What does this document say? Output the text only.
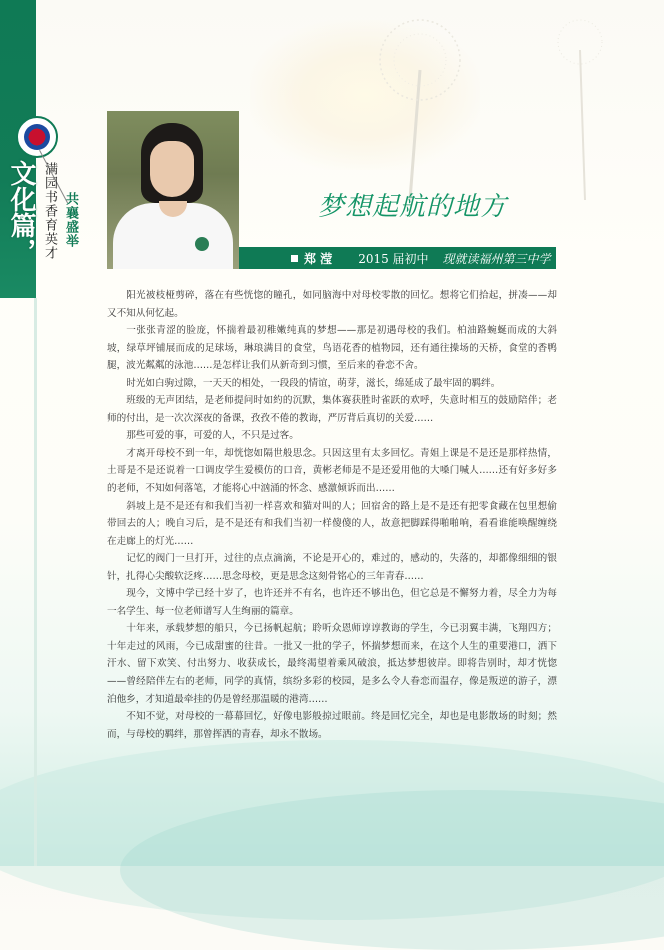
文化篇， 满园书香育英才 共襄盛举	梦想起航的地方
郑 滢 2015 届初中 现就读福州第三中学

阳光被枝桠剪碎，落在有些恍惚的瞳孔，如同脑海中对母校零散的回忆。想将它们拾起，拼凑——却又不知从何忆起。

一张张青涩的脸庞，怀揣着最初稚嫩纯真的梦想——那是初遇母校的我们。柏油路蜿蜒而成的大斜坡，绿草坪铺展而成的足球场，琳琅满目的食堂，鸟语花香的植物园，还有通往操场的天桥，食堂的香鸭腿，波光粼粼的泳池……是怎样让我们从新奇到习惯，至后来的眷恋不舍。

时光如白驹过隙，一天天的相处，一段段的情谊，萌芽，滋长，绵延成了最牢固的羁绊。

班级的无声团结，是老师提问时如約的沉默，集体赛获胜时雀跃的欢呼，失意时相互的鼓励陪伴；老师的付出，是一次次深夜的备课，孜孜不倦的教诲，严厉背后真切的关爱……

那些可爱的事，可爱的人，不只是过客。

才离开母校不到一年，却恍惚如隔世般思念。只因这里有太多回忆。青姐上课是不是还是那样热情，土哥是不是还说着一口调皮学生爱模仿的口音，黄彬老师是不是还爱用他的大嗓门喊人……还有好多好多的老师，不知如何落笔，才能将心中汹涌的怀念、感激倾诉而出……

斜坡上是不是还有和我们当初一样喜欢和猫对叫的人；回宿舍的路上是不是还有把零食藏在包里想偷带回去的人；晚自习后，是不是还有和我们当初一样傻傻的人，故意把脚踩得啪啪响，看看谁能唤醒缠绕在走廊上的灯光……

记忆的阀门一旦打开，过往的点点滴滴，不论是开心的，难过的，感动的，失落的，却都像细细的银针，扎得心尖酸软泛疼……思念母校，更是思念这刻骨铭心的三年青春……

现今，文博中学已经十岁了，也许还并不有名，也许还不够出色，但它总是不懈努力着，尽全力为每一名学生、每一位老师谱写人生绚丽的篇章。

十年来，承载梦想的船只，今已扬帆起航；聆听众恩师谆谆教诲的学生，今已羽翼丰满，飞翔四方；十年走过的风雨，今已成甜蜜的往昔。一批又一批的学子，怀揣梦想而来，在这个人生的重要港口，洒下汗水、留下欢笑、付出努力、收获成长，最终渴望着乘风破浪，抵达梦想彼岸。即将告别时，却才恍惚——曾经陪伴左右的老师，同学的真情，缤纷多彩的校园，是多么令人眷恋而温存，像是叛逆的游子，漂泊他乡，才知道最牵挂的仍是曾经那温暖的港湾……

不知不觉，对母校的一幕幕回忆，好像电影般掠过眼前。终是回忆完全，却也是电影散场的时刻；然而，与母校的羁绊，那曾挥洒的青春，却永不散场。
